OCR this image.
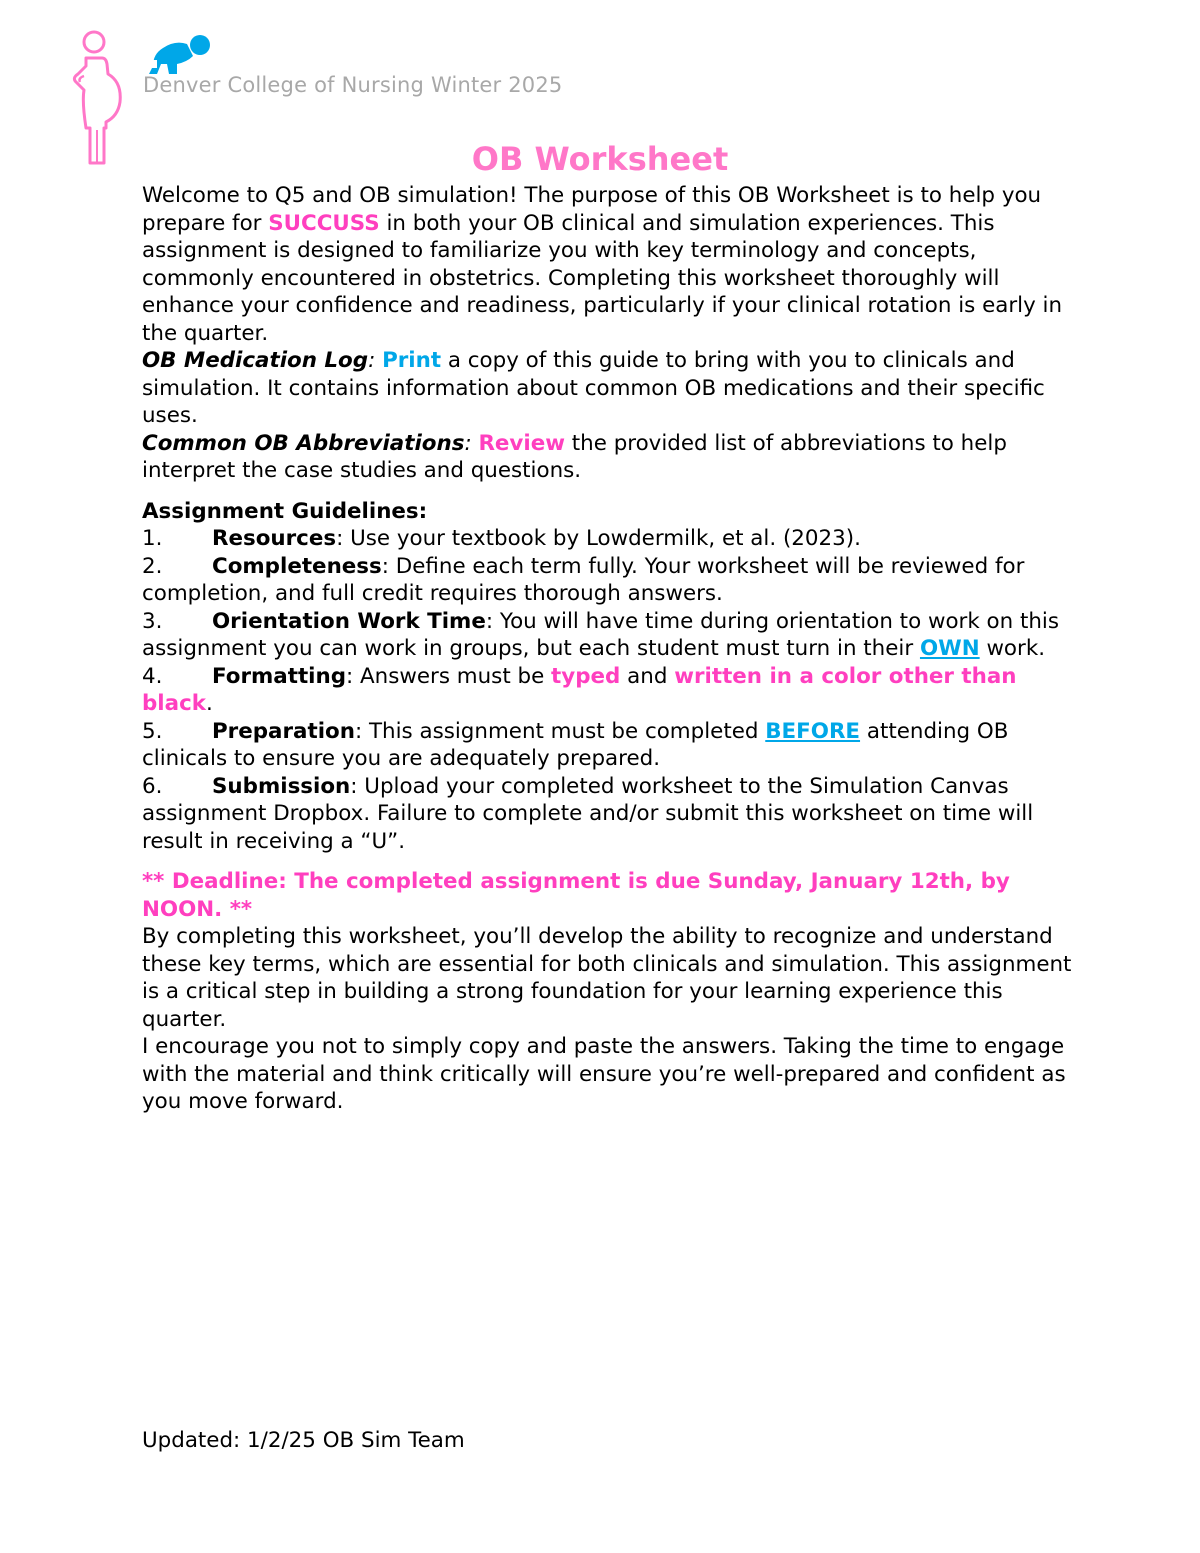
Denver College of Nursing Winter 2025
OB Worksheet

Welcome to Q5 and OB simulation! The purpose of this OB Worksheet is to help you prepare for SUCCUSS in both your OB clinical and simulation experiences. This assignment is designed to familiarize you with key terminology and concepts, commonly encountered in obstetrics. Completing this worksheet thoroughly will enhance your confidence and readiness, particularly if your clinical rotation is early in the quarter.

OB Medication Log: Print a copy of this guide to bring with you to clinicals and simulation. It contains information about common OB medications and their specific uses.

Common OB Abbreviations: Review the provided list of abbreviations to help interpret the case studies and questions.

Assignment Guidelines:

1. Resources: Use your textbook by Lowdermilk, et al. (2023).
2. Completeness: Define each term fully. Your worksheet will be reviewed for completion, and full credit requires thorough answers.
3. Orientation Work Time: You will have time during orientation to work on this assignment you can work in groups, but each student must turn in their OWN work.
4. Formatting: Answers must be typed and written in a color other than black.
5. Preparation: This assignment must be completed BEFORE attending OB clinicals to ensure you are adequately prepared.
6. Submission: Upload your completed worksheet to the Simulation Canvas assignment Dropbox. Failure to complete and/or submit this worksheet on time will result in receiving a “U”.

** Deadline: The completed assignment is due Sunday, January 12th, by NOON. **

By completing this worksheet, you’ll develop the ability to recognize and understand these key terms, which are essential for both clinicals and simulation. This assignment is a critical step in building a strong foundation for your learning experience this quarter.

I encourage you not to simply copy and paste the answers. Taking the time to engage with the material and think critically will ensure you’re well-prepared and confident as you move forward.

Updated: 1/2/25 OB Sim Team
